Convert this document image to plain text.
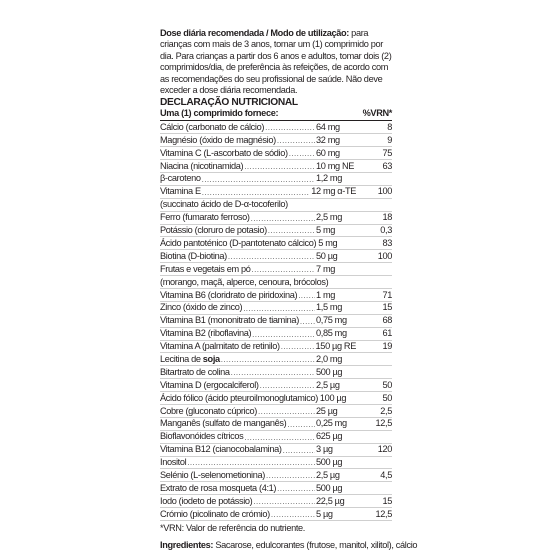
Dose diária recomendada / Modo de utilização: para crianças com mais de 3 anos, tomar um (1) comprimido por dia. Para crianças a partir dos 6 anos e adultos, tomar dois (2) comprimidos/dia, de preferência às refeições, de acordo com as recomendações do seu profissional de saúde. Não deve exceder a dose diária recomendada.

DECLARAÇÃO NUTRICIONAL
Uma (1) comprimido fornece:	%VRN*
Cálcio (carbonato de cálcio) .....	64 mg	8
Magnésio (óxido de magnésio) .....	32 mg	9
Vitamina C (L-ascorbato de sódio) .....	60 mg	75
Niacina (nicotinamida) .....	10 mg NE	63
β-caroteno .....	1,2 mg
Vitamina E .....	12 mg α-TE	100
(succinato ácido de D-α-tocoferilo)
Ferro (fumarato ferroso) .....	2,5 mg	18
Potássio (cloruro de potasio) .....	5 mg	0,3
Ácido pantoténico (D-pantotenato cálcico) 5 mg	83
Biotina (D-biotina) .....	50 µg	100
Frutas e vegetais em pó .....	7 mg
(morango, maçã, alperce, cenoura, brócolos)
Vitamina B6 (cloridrato de piridoxina) ..... 1 mg	71
Zinco (óxido de zinco) .....	1,5 mg	15
Vitamina B1 (mononitrato de tiamina) ..... 0,75 mg	68
Vitamina B2 (riboflavina) .....	0,85 mg	61
Vitamina A (palmitato de retinilo) .....	150 µg RE	19
Lecitina de soja .....	2,0 mg
Bitartrato de colina .....	500 µg
Vitamina D (ergocalciferol) .....	2,5 µg	50
Ácido fólico (ácido pteuroilmonoglutamico) 100 µg	50
Cobre (gluconato cúprico) .....	25 µg	2,5
Manganês (sulfato de manganês) .....	0,25 mg	12,5
Bioflavonóides cítricos .....	625 µg
Vitamina B12 (cianocobalamina) .....	3 µg	120
Inositol .....	500 µg
Selénio (L-selenometionina) .....	2,5 µg	4,5
Extrato de rosa mosqueta (4:1) .....	500 µg
Iodo (iodeto de potássio) .....	22,5 µg	15
Crómio (picolinato de crómio) .....	5 µg	12,5
*VRN: Valor de referência do nutriente.
Ingredientes: Sacarose, edulcorantes (frutose, manitol, xilitol), cálcio
